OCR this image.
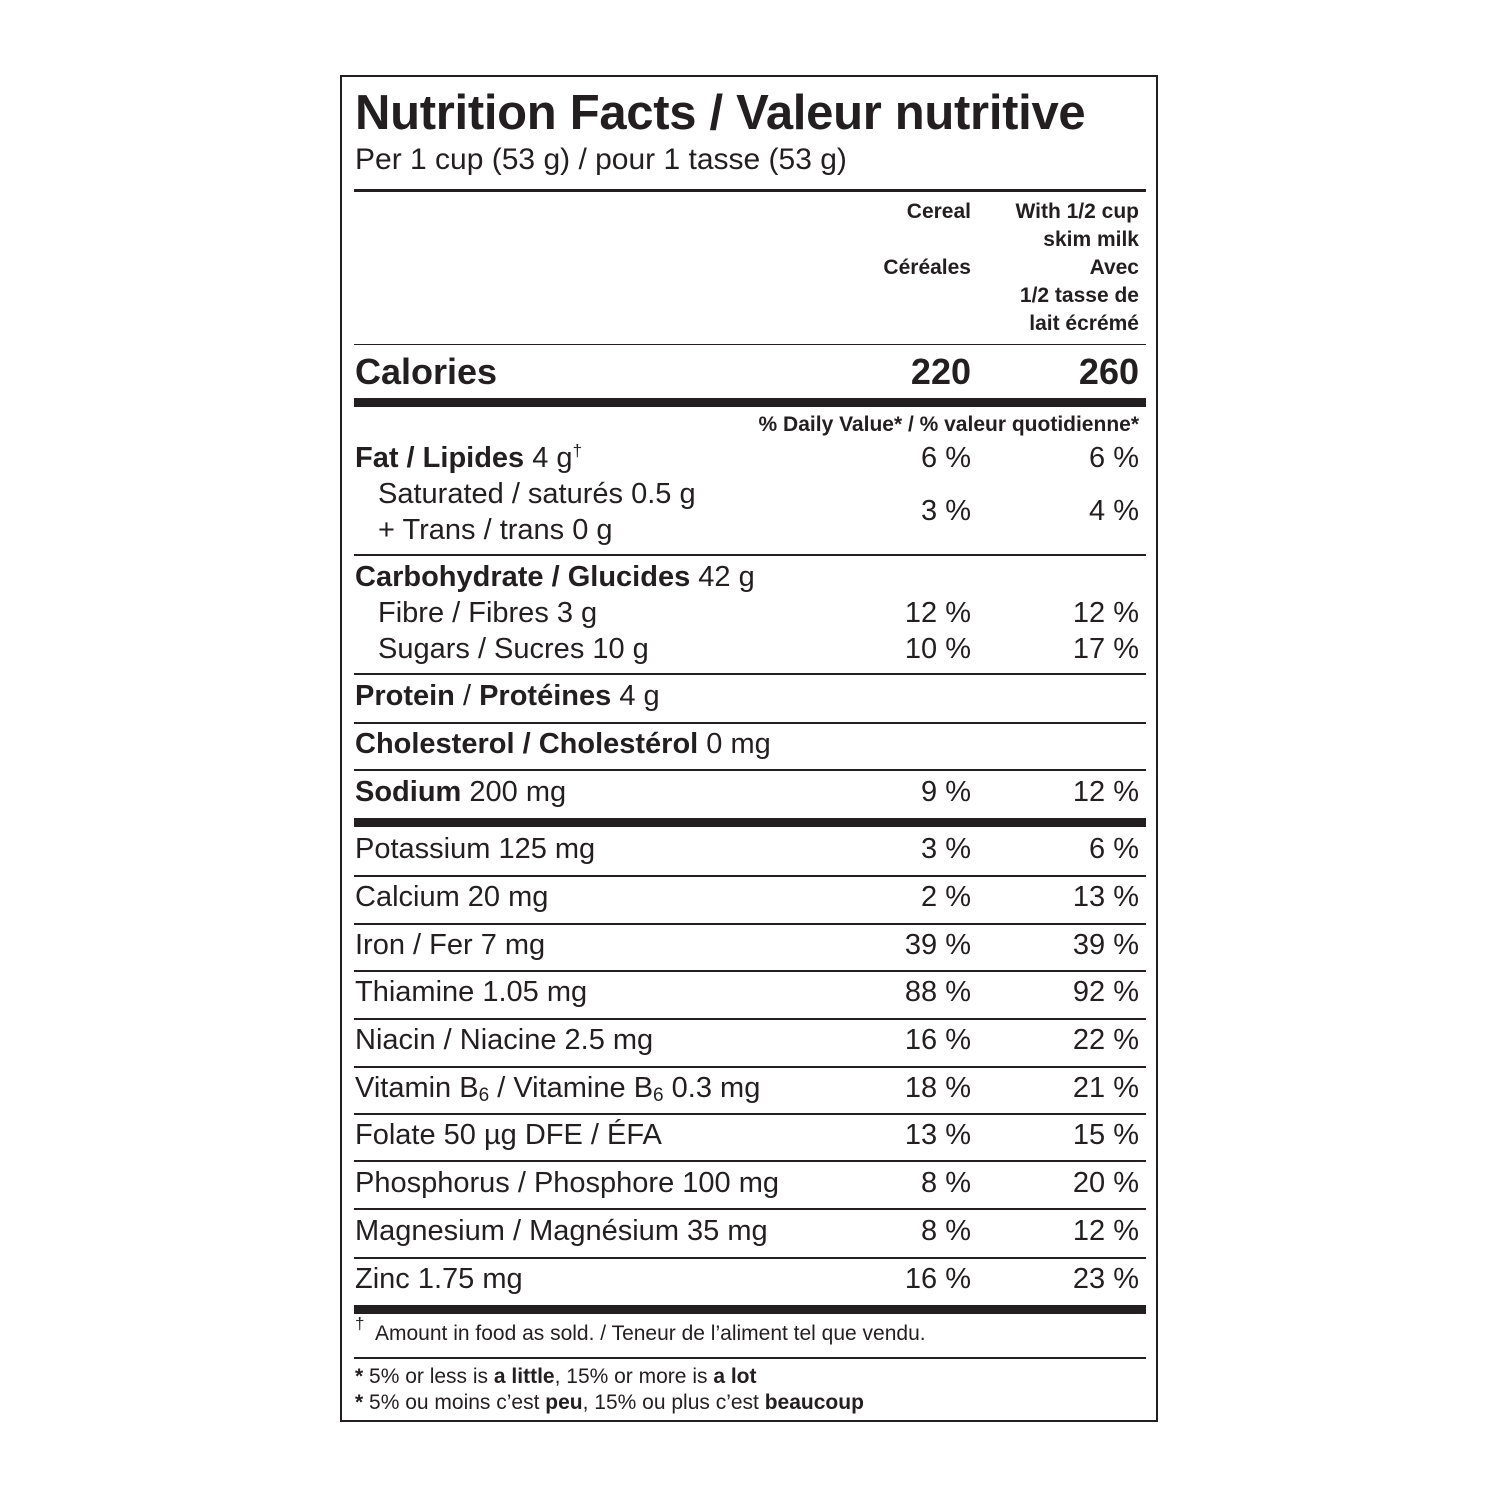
Nutrition Facts / Valeur nutritive
Per 1 cup (53 g) / pour 1 tasse (53 g)
Cereal
Céréales
With 1/2 cup
skim milk
Avec
1/2 tasse de
lait écrémé
Calories	220	260
% Daily Value* / % valeur quotidienne*
Fat / Lipides 4 g†	6 %	6 %
Saturated / saturés 0.5 g
+ Trans / trans 0 g
3 %	4 %
Carbohydrate / Glucides 42 g
Fibre / Fibres 3 g	12 %	12 %
Sugars / Sucres 10 g	10 %	17 %
Protein / Protéines 4 g
Cholesterol / Cholestérol 0 mg
Sodium 200 mg	9 %	12 %
Potassium 125 mg	3 %	6 %
Calcium 20 mg	2 %	13 %
Iron / Fer 7 mg	39 %	39 %
Thiamine 1.05 mg	88 %	92 %
Niacin / Niacine 2.5 mg	16 %	22 %
Vitamin $B_6$ / Vitamine $B_6$ 0.3 mg	18 %	21 %
Folate 50 µg DFE / ÉFA	13 %	15 %
Phosphorus / Phosphore 100 mg	8 %	20 %
Magnesium / Magnésium 35 mg	8 %	12 %
Zinc 1.75 mg	16 %	23 %
† Amount in food as sold. / Teneur de l’aliment tel que vendu.
* 5% or less is a little, 15% or more is a lot
* 5% ou moins c’est peu, 15% ou plus c’est beaucoup
